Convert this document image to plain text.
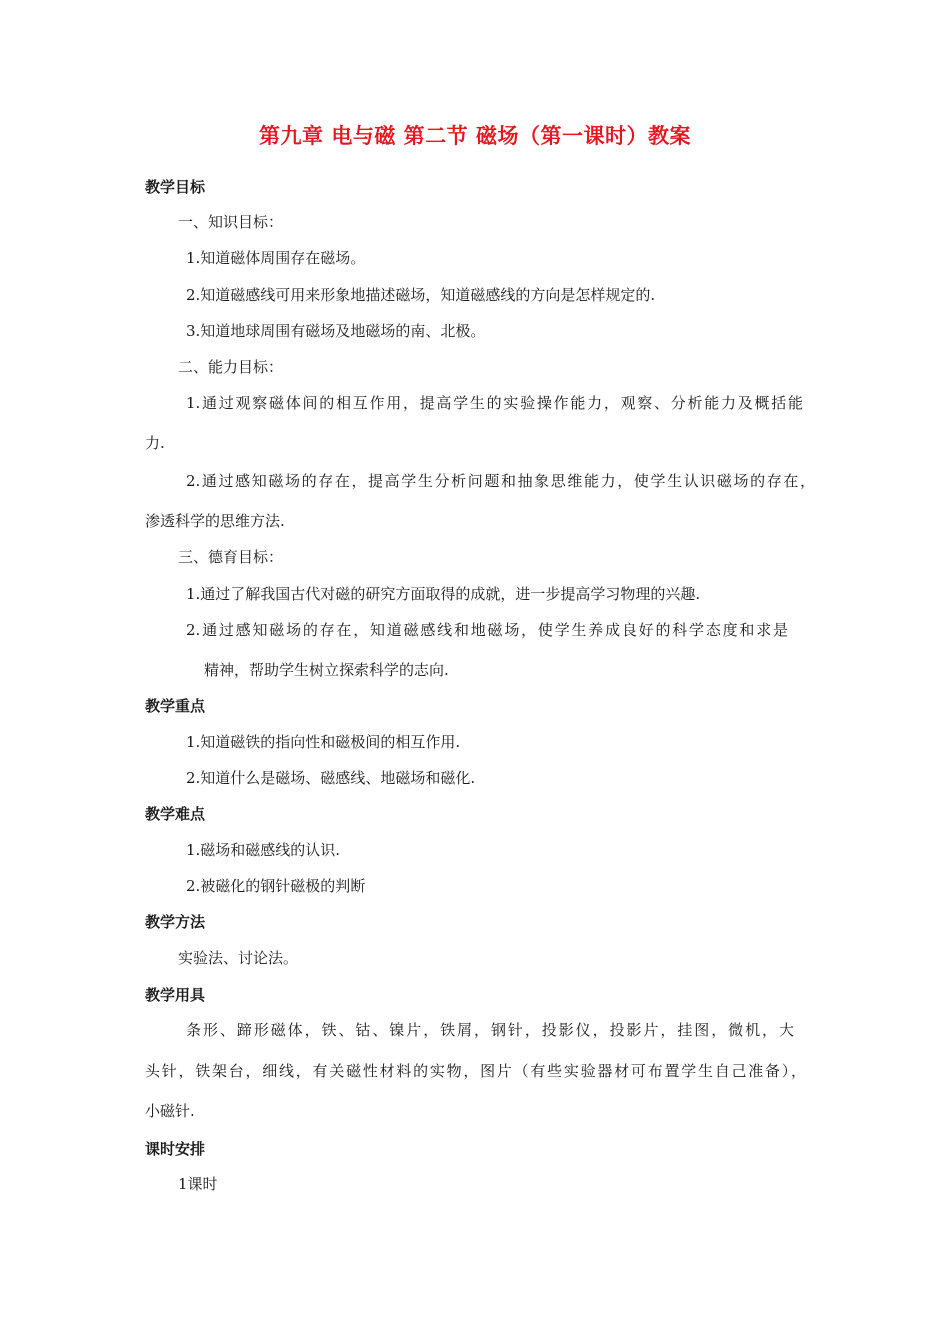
第九章 电与磁 第二节 磁场（第一课时）教案
教学目标
一、知识目标：
1.知道磁体周围存在磁场。
2.知道磁感线可用来形象地描述磁场，知道磁感线的方向是怎样规定的.
3.知道地球周围有磁场及地磁场的南、北极。
二、能力目标：
1.通过观察磁体间的相互作用，提高学生的实验操作能力，观察、分析能力及概括能
力.
2.通过感知磁场的存在，提高学生分析问题和抽象思维能力，使学生认识磁场的存在，
渗透科学的思维方法.
三、德育目标：
1.通过了解我国古代对磁的研究方面取得的成就，进一步提高学习物理的兴趣.
2.通过感知磁场的存在，知道磁感线和地磁场，使学生养成良好的科学态度和求是
精神，帮助学生树立探索科学的志向.
教学重点
1.知道磁铁的指向性和磁极间的相互作用.
2.知道什么是磁场、磁感线、地磁场和磁化.
教学难点
1.磁场和磁感线的认识.
2.被磁化的钢针磁极的判断
教学方法
实验法、讨论法。
教学用具
条形、蹄形磁体，铁、钴、镍片，铁屑，钢针，投影仪，投影片，挂图，微机，大
头针，铁架台，细线，有关磁性材料的实物，图片（有些实验器材可布置学生自己准备），
小磁针.
课时安排
1课时
